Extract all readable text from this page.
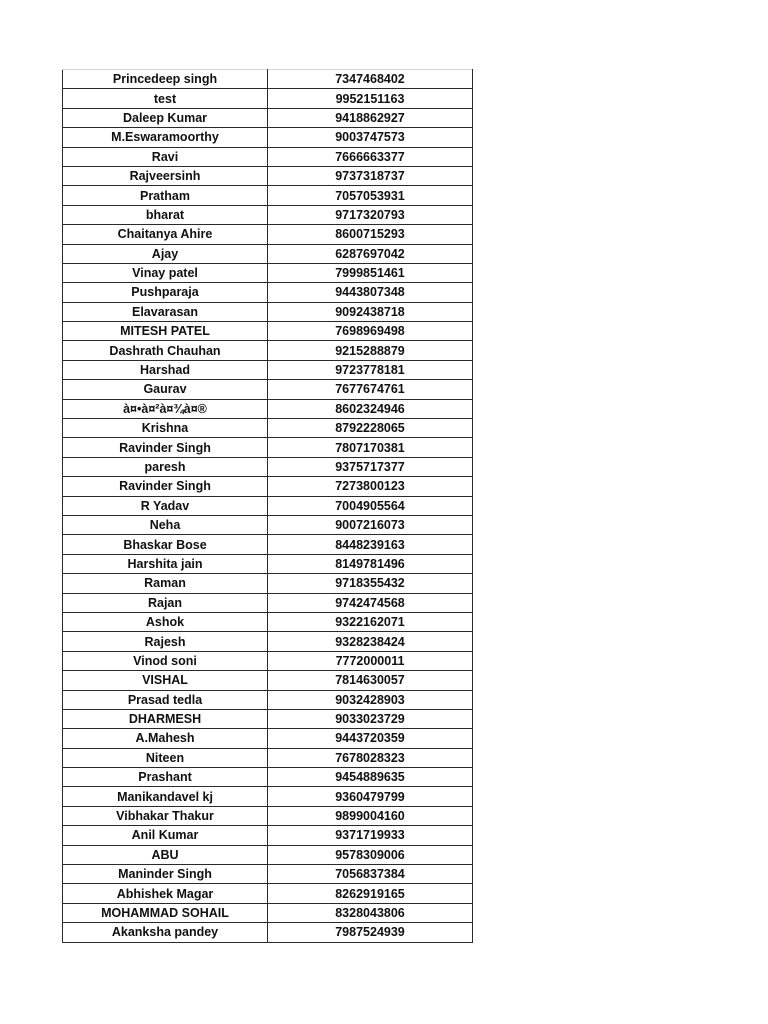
Princedeep singh	7347468402
test	9952151163
Daleep Kumar	9418862927
M.Eswaramoorthy	9003747573
Ravi	7666663377
Rajveersinh	9737318737
Pratham	7057053931
bharat	9717320793
Chaitanya Ahire	8600715293
Ajay	6287697042
Vinay patel	7999851461
Pushparaja	9443807348
Elavarasan	9092438718
MITESH PATEL	7698969498
Dashrath Chauhan	9215288879
Harshad	9723778181
Gaurav	7677674761
à¤•à¤²à¤¾à¤®	8602324946
Krishna	8792228065
Ravinder Singh	7807170381
paresh	9375717377
Ravinder Singh	7273800123
R Yadav	7004905564
Neha	9007216073
Bhaskar Bose	8448239163
Harshita jain	8149781496
Raman	9718355432
Rajan	9742474568
Ashok	9322162071
Rajesh	9328238424
Vinod soni	7772000011
VISHAL	7814630057
Prasad tedla	9032428903
DHARMESH	9033023729
A.Mahesh	9443720359
Niteen	7678028323
Prashant	9454889635
Manikandavel kj	9360479799
Vibhakar Thakur	9899004160
Anil Kumar	9371719933
ABU	9578309006
Maninder Singh	7056837384
Abhishek Magar	8262919165
MOHAMMAD SOHAIL	8328043806
Akanksha pandey	7987524939
